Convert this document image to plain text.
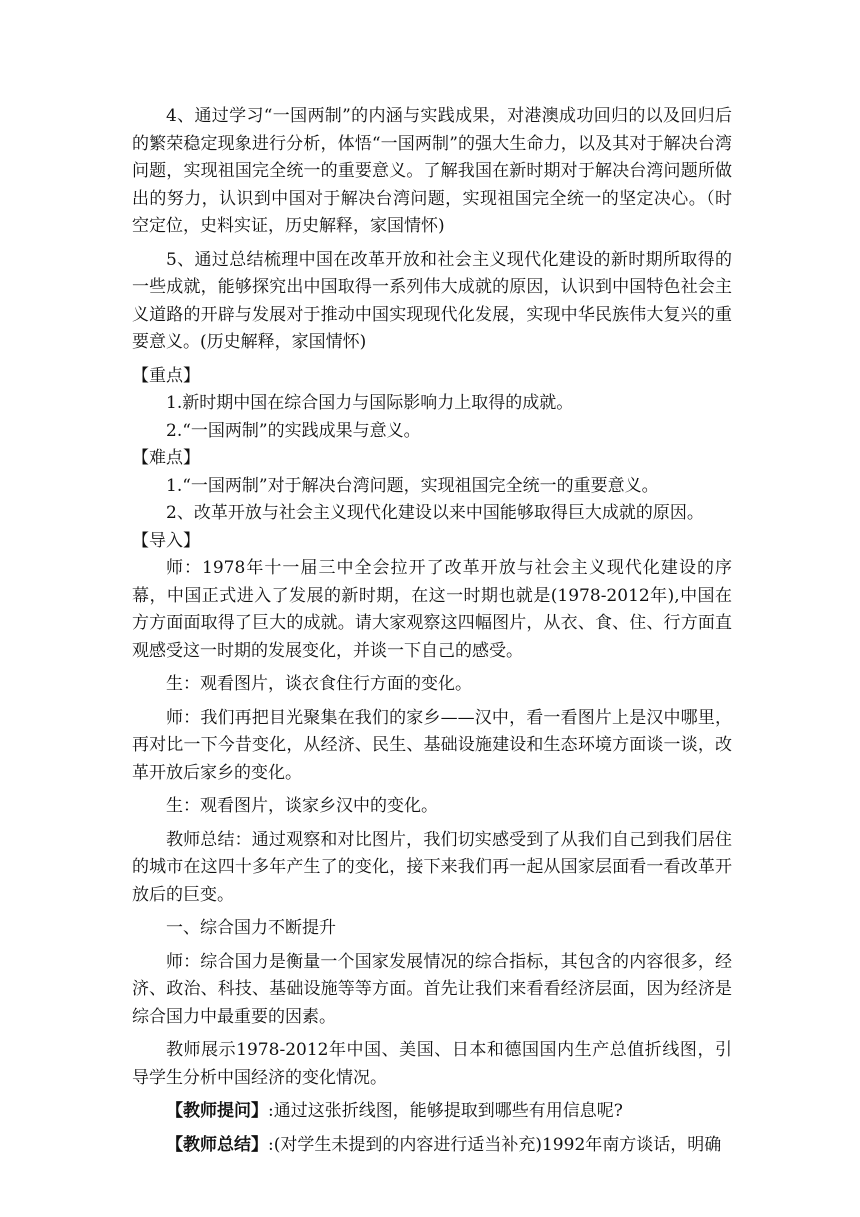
4、通过学习“一国两制”的内涵与实践成果，对港澳成功回归的以及回归后的繁荣稳定现象进行分析，体悟“一国两制”的强大生命力，以及其对于解决台湾问题，实现祖国完全统一的重要意义。了解我国在新时期对于解决台湾问题所做出的努力，认识到中国对于解决台湾问题，实现祖国完全统一的坚定决心。（时空定位，史料实证，历史解释，家国情怀)

5、通过总结梳理中国在改革开放和社会主义现代化建设的新时期所取得的一些成就，能够探究出中国取得一系列伟大成就的原因，认识到中国特色社会主义道路的开辟与发展对于推动中国实现现代化发展，实现中华民族伟大复兴的重要意义。(历史解释，家国情怀)

【重点】

1.新时期中国在综合国力与国际影响力上取得的成就。

2.“一国两制”的实践成果与意义。

【难点】

1.“一国两制”对于解决台湾问题，实现祖国完全统一的重要意义。

2、改革开放与社会主义现代化建设以来中国能够取得巨大成就的原因。

【导入】

师：1978年十一届三中全会拉开了改革开放与社会主义现代化建设的序幕，中国正式进入了发展的新时期，在这一时期也就是(1978-2012年),中国在方方面面取得了巨大的成就。请大家观察这四幅图片，从衣、食、住、行方面直观感受这一时期的发展变化，并谈一下自己的感受。

生：观看图片，谈衣食住行方面的变化。

师：我们再把目光聚集在我们的家乡——汉中，看一看图片上是汉中哪里，再对比一下今昔变化，从经济、民生、基础设施建设和生态环境方面谈一谈，改革开放后家乡的变化。

生：观看图片，谈家乡汉中的变化。

教师总结：通过观察和对比图片，我们切实感受到了从我们自己到我们居住的城市在这四十多年产生了的变化，接下来我们再一起从国家层面看一看改革开放后的巨变。

一、综合国力不断提升

师：综合国力是衡量一个国家发展情况的综合指标，其包含的内容很多，经济、政治、科技、基础设施等等方面。首先让我们来看看经济层面，因为经济是综合国力中最重要的因素。

教师展示1978-2012年中国、美国、日本和德国国内生产总值折线图，引导学生分析中国经济的变化情况。

【教师提问】:通过这张折线图，能够提取到哪些有用信息呢?

【教师总结】:(对学生未提到的内容进行适当补充)1992年南方谈话，明确
